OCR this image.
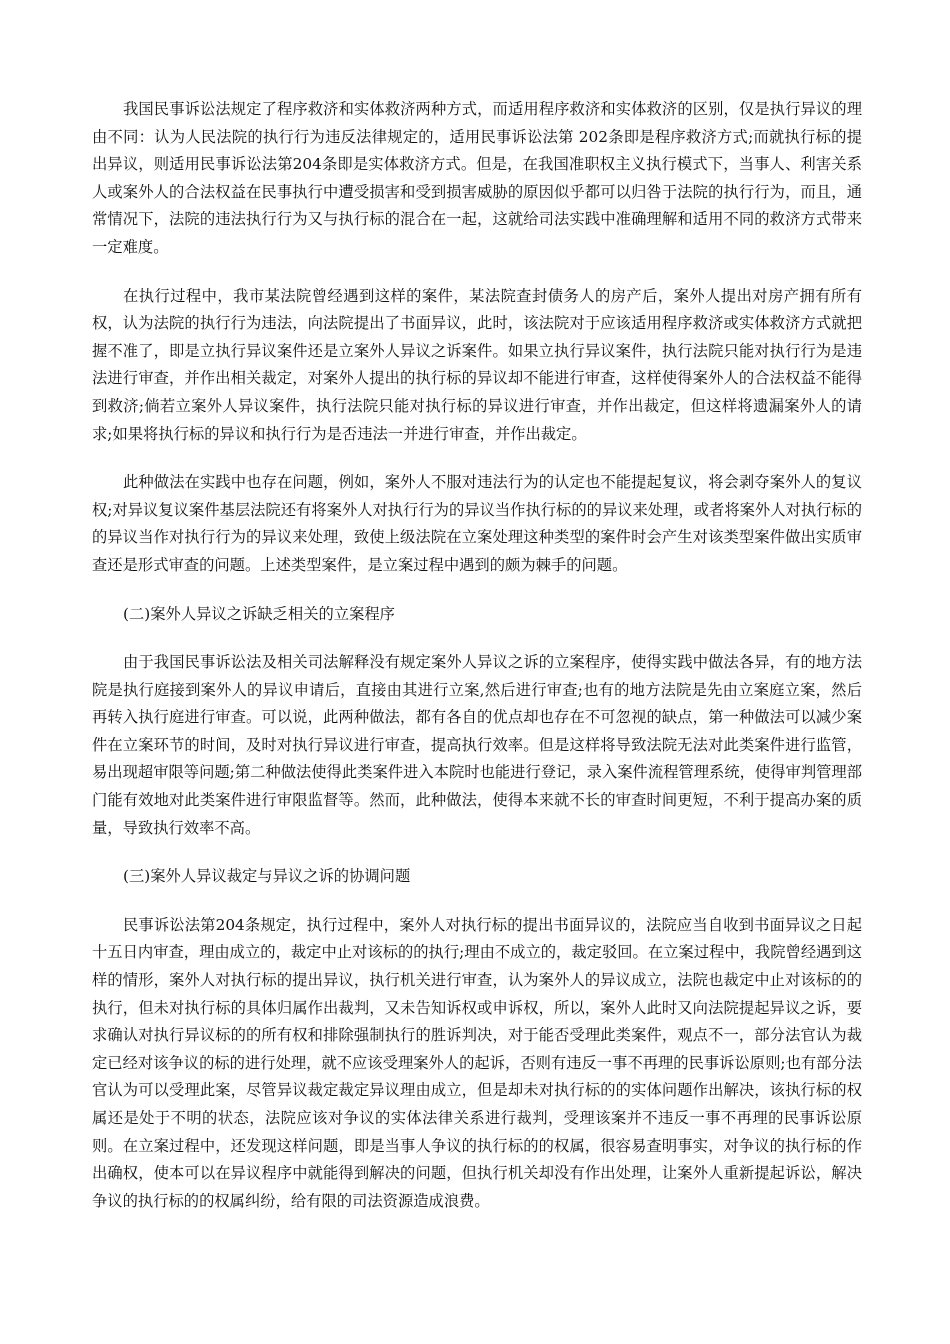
我国民事诉讼法规定了程序救济和实体救济两种方式，而适用程序救济和实体救济的区别，仅是执行异议的理由不同：认为人民法院的执行行为违反法律规定的，适用民事诉讼法第 202条即是程序救济方式;而就执行标的提出异议，则适用民事诉讼法第204条即是实体救济方式。但是，在我国准职权主义执行模式下，当事人、利害关系人或案外人的合法权益在民事执行中遭受损害和受到损害威胁的原因似乎都可以归咎于法院的执行行为，而且，通常情况下，法院的违法执行行为又与执行标的混合在一起，这就给司法实践中准确理解和适用不同的救济方式带来一定难度。

在执行过程中，我市某法院曾经遇到这样的案件，某法院查封债务人的房产后，案外人提出对房产拥有所有权，认为法院的执行行为违法，向法院提出了书面异议，此时，该法院对于应该适用程序救济或实体救济方式就把握不准了，即是立执行异议案件还是立案外人异议之诉案件。如果立执行异议案件，执行法院只能对执行行为是违法进行审查，并作出相关裁定，对案外人提出的执行标的异议却不能进行审查，这样使得案外人的合法权益不能得到救济;倘若立案外人异议案件，执行法院只能对执行标的异议进行审查，并作出裁定，但这样将遗漏案外人的请求;如果将执行标的异议和执行行为是否违法一并进行审查，并作出裁定。

此种做法在实践中也存在问题，例如，案外人不服对违法行为的认定也不能提起复议，将会剥夺案外人的复议权;对异议复议案件基层法院还有将案外人对执行行为的异议当作执行标的的异议来处理，或者将案外人对执行标的的异议当作对执行行为的异议来处理，致使上级法院在立案处理这种类型的案件时会产生对该类型案件做出实质审查还是形式审查的问题。上述类型案件，是立案过程中遇到的颇为棘手的问题。

(二)案外人异议之诉缺乏相关的立案程序

由于我国民事诉讼法及相关司法解释没有规定案外人异议之诉的立案程序，使得实践中做法各异，有的地方法院是执行庭接到案外人的异议申请后，直接由其进行立案,然后进行审查;也有的地方法院是先由立案庭立案，然后再转入执行庭进行审查。可以说，此两种做法，都有各自的优点却也存在不可忽视的缺点，第一种做法可以减少案件在立案环节的时间，及时对执行异议进行审查，提高执行效率。但是这样将导致法院无法对此类案件进行监管，易出现超审限等问题;第二种做法使得此类案件进入本院时也能进行登记，录入案件流程管理系统，使得审判管理部门能有效地对此类案件进行审限监督等。然而，此种做法，使得本来就不长的审查时间更短，不利于提高办案的质量，导致执行效率不高。

(三)案外人异议裁定与异议之诉的协调问题

民事诉讼法第204条规定，执行过程中，案外人对执行标的提出书面异议的，法院应当自收到书面异议之日起十五日内审查，理由成立的，裁定中止对该标的的执行;理由不成立的，裁定驳回。在立案过程中，我院曾经遇到这样的情形，案外人对执行标的提出异议，执行机关进行审查，认为案外人的异议成立，法院也裁定中止对该标的的执行，但未对执行标的具体归属作出裁判，又未告知诉权或申诉权，所以，案外人此时又向法院提起异议之诉，要求确认对执行异议标的的所有权和排除强制执行的胜诉判决，对于能否受理此类案件，观点不一，部分法官认为裁定已经对该争议的标的进行处理，就不应该受理案外人的起诉，否则有违反一事不再理的民事诉讼原则;也有部分法官认为可以受理此案，尽管异议裁定裁定异议理由成立，但是却未对执行标的的实体问题作出解决，该执行标的权属还是处于不明的状态，法院应该对争议的实体法律关系进行裁判，受理该案并不违反一事不再理的民事诉讼原则。在立案过程中，还发现这样问题，即是当事人争议的执行标的的权属，很容易查明事实，对争议的执行标的作出确权，使本可以在异议程序中就能得到解决的问题，但执行机关却没有作出处理，让案外人重新提起诉讼，解决争议的执行标的的权属纠纷，给有限的司法资源造成浪费。
